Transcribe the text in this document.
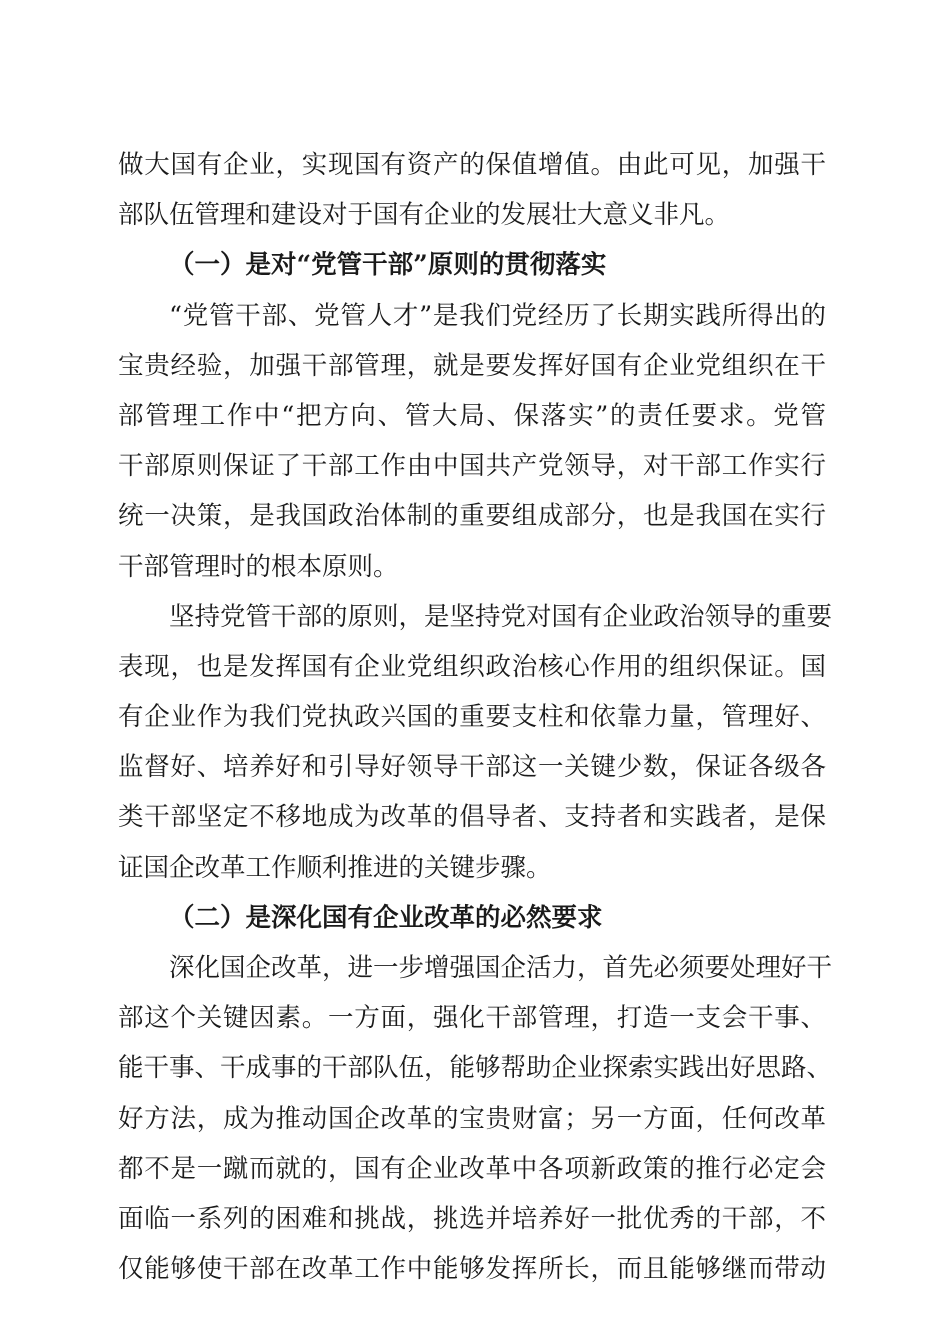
做大国有企业，实现国有资产的保值增值。由此可见，加强干
部队伍管理和建设对于国有企业的发展壮大意义非凡。
（一）是对“党管干部”原则的贯彻落实
“党管干部、党管人才”是我们党经历了长期实践所得出的
宝贵经验，加强干部管理，就是要发挥好国有企业党组织在干
部管理工作中“把方向、管大局、保落实”的责任要求。党管
干部原则保证了干部工作由中国共产党领导，对干部工作实行
统一决策，是我国政治体制的重要组成部分，也是我国在实行
干部管理时的根本原则。
坚持党管干部的原则，是坚持党对国有企业政治领导的重要
表现，也是发挥国有企业党组织政治核心作用的组织保证。国
有企业作为我们党执政兴国的重要支柱和依靠力量，管理好、
监督好、培养好和引导好领导干部这一关键少数，保证各级各
类干部坚定不移地成为改革的倡导者、支持者和实践者，是保
证国企改革工作顺利推进的关键步骤。
（二）是深化国有企业改革的必然要求
深化国企改革，进一步增强国企活力，首先必须要处理好干
部这个关键因素。一方面，强化干部管理，打造一支会干事、
能干事、干成事的干部队伍，能够帮助企业探索实践出好思路、
好方法，成为推动国企改革的宝贵财富；另一方面，任何改革
都不是一蹴而就的，国有企业改革中各项新政策的推行必定会
面临一系列的困难和挑战，挑选并培养好一批优秀的干部，不
仅能够使干部在改革工作中能够发挥所长，而且能够继而带动
